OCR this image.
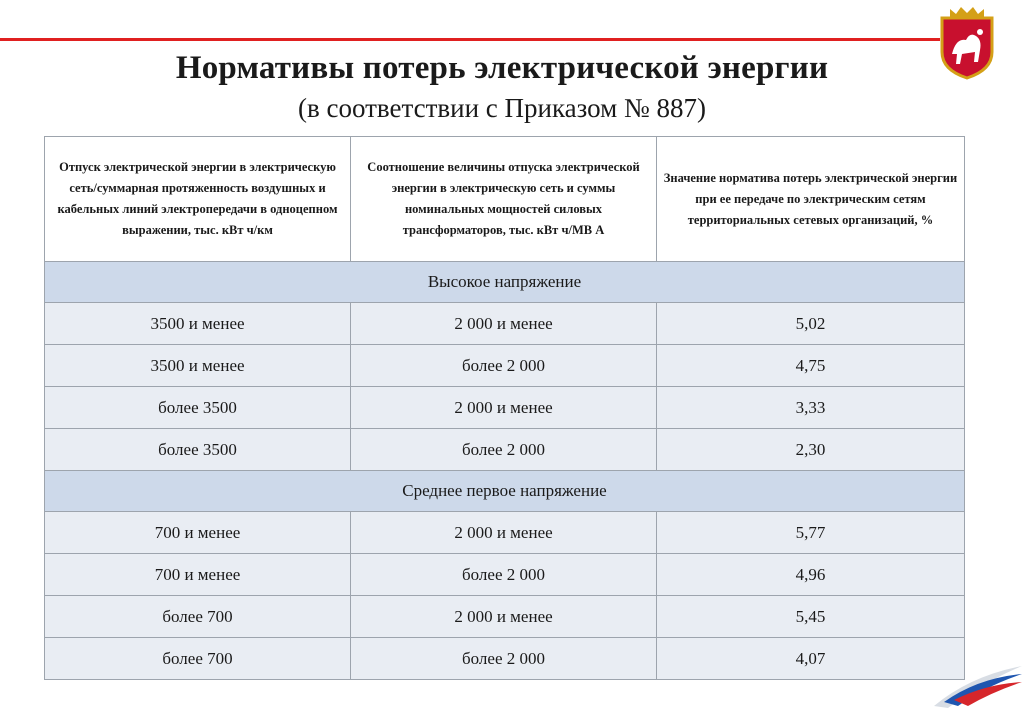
Нормативы потерь электрической энергии
(в соответствии с Приказом № 887)
Отпуск электрической энергии в электрическую сеть/суммарная протяженность воздушных и кабельных линий электропередачи в одноцепном выражении, тыс. кВт ч/км	Соотношение величины отпуска электрической энергии в электрическую сеть и суммы номинальных мощностей силовых трансформаторов, тыс. кВт ч/МВ А	Значение норматива потерь электрической энергии при ее передаче по электрическим сетям территориальных сетевых организаций, %
Высокое напряжение		
3500 и менее	2 000 и менее	5,02
3500 и менее	более 2 000	4,75
более 3500	2 000 и менее	3,33
более 3500	более 2 000	2,30
Среднее первое напряжение		
700 и менее	2 000 и менее	5,77
700 и менее	более 2 000	4,96
более 700	2 000 и менее	5,45
более 700	более 2 000	4,07
